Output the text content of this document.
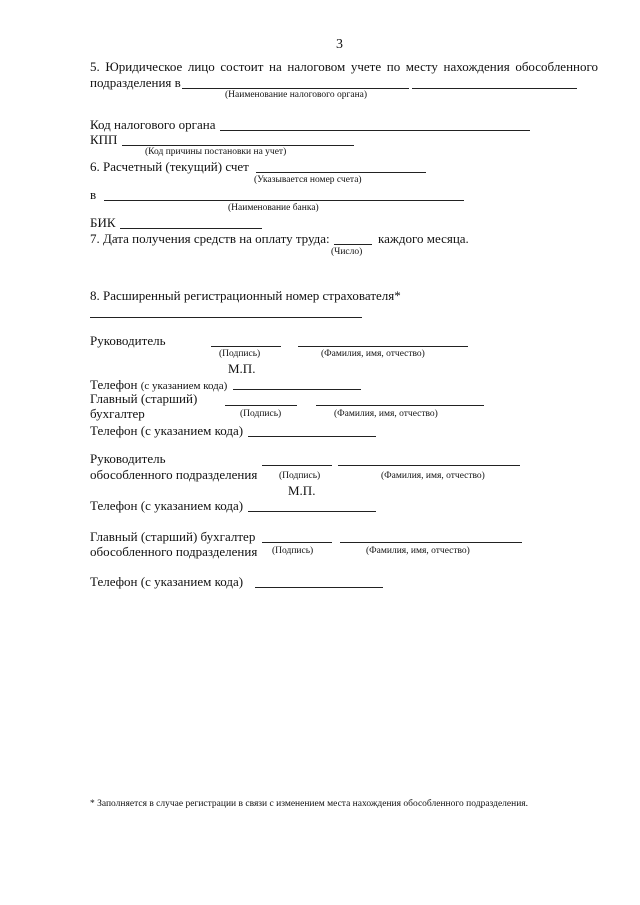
3
5. Юридическое лицо состоит на налоговом учете по месту нахождения обособленного
подразделения в
(Наименование налогового органа)
Код налогового органа
КПП
(Код причины постановки на учет)
6. Расчетный (текущий) счет
(Указывается номер счета)
в
(Наименование банка)
БИК
7. Дата получения средств на оплату труда:	каждого месяца.
(Число)
8. Расширенный регистрационный номер страхователя*
Руководитель
(Подпись)	(Фамилия, имя, отчество)
М.П.
Телефон (с указанием кода)
Главный (старший)
бухгалтер	(Подпись)	(Фамилия, имя, отчество)
Телефон (с указанием кода)
Руководитель
обособленного подразделения (Подпись)	(Фамилия, имя, отчество)
М.П.
Телефон (с указанием кода)
Главный (старший) бухгалтер
обособленного подразделения (Подпись)	(Фамилия, имя, отчество)
Телефон (с указанием кода)
* Заполняется в случае регистрации в связи с изменением места нахождения обособленного подразделения.
